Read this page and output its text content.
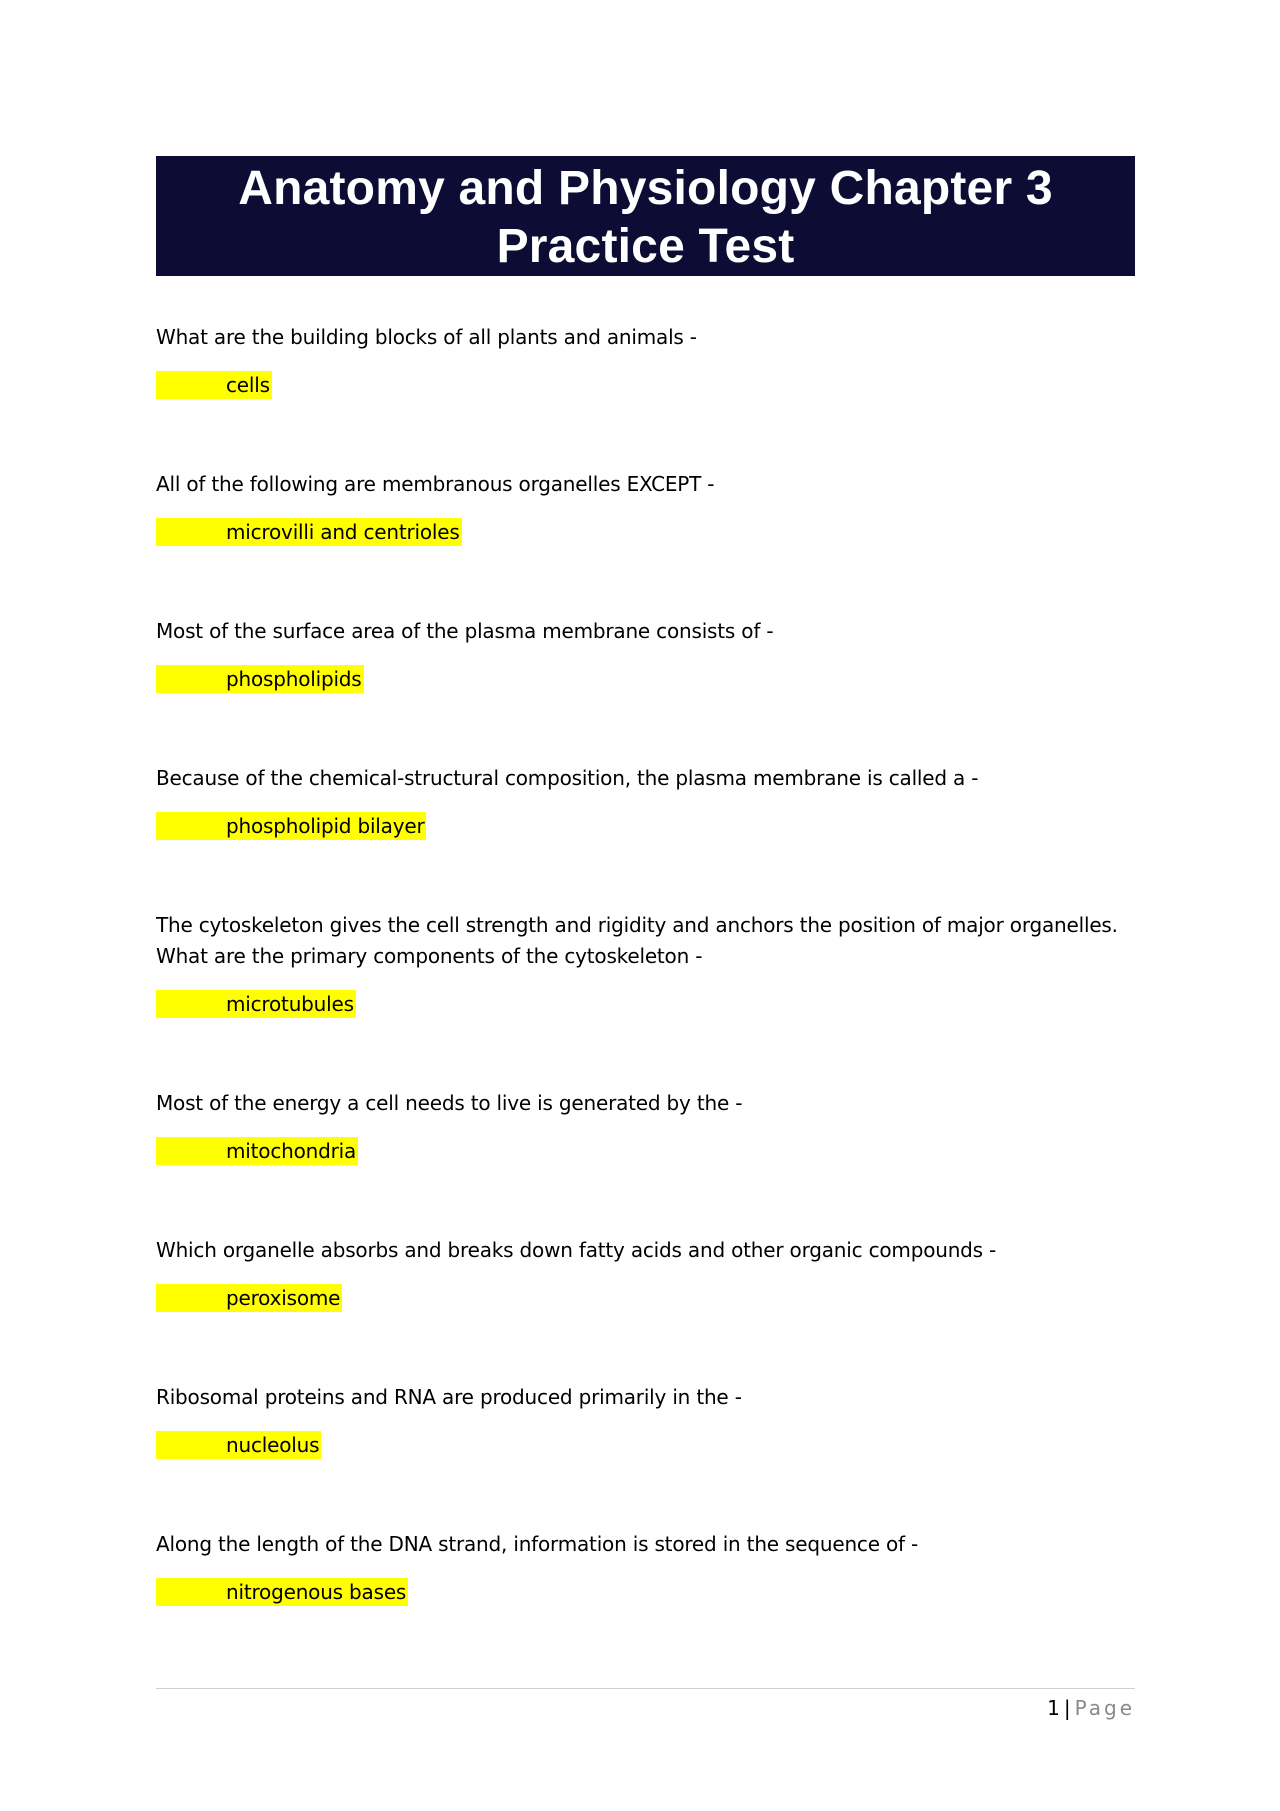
Anatomy and Physiology Chapter 3
Practice Test
What are the building blocks of all plants and animals -
cells
All of the following are membranous organelles EXCEPT -
microvilli and centrioles
Most of the surface area of the plasma membrane consists of -
phospholipids
Because of the chemical-structural composition, the plasma membrane is called a -
phospholipid bilayer
The cytoskeleton gives the cell strength and rigidity and anchors the position of major organelles. What are the primary components of the cytoskeleton -
microtubules
Most of the energy a cell needs to live is generated by the -
mitochondria
Which organelle absorbs and breaks down fatty acids and other organic compounds -
peroxisome
Ribosomal proteins and RNA are produced primarily in the -
nucleolus
Along the length of the DNA strand, information is stored in the sequence of -
nitrogenous bases
1 | Page
